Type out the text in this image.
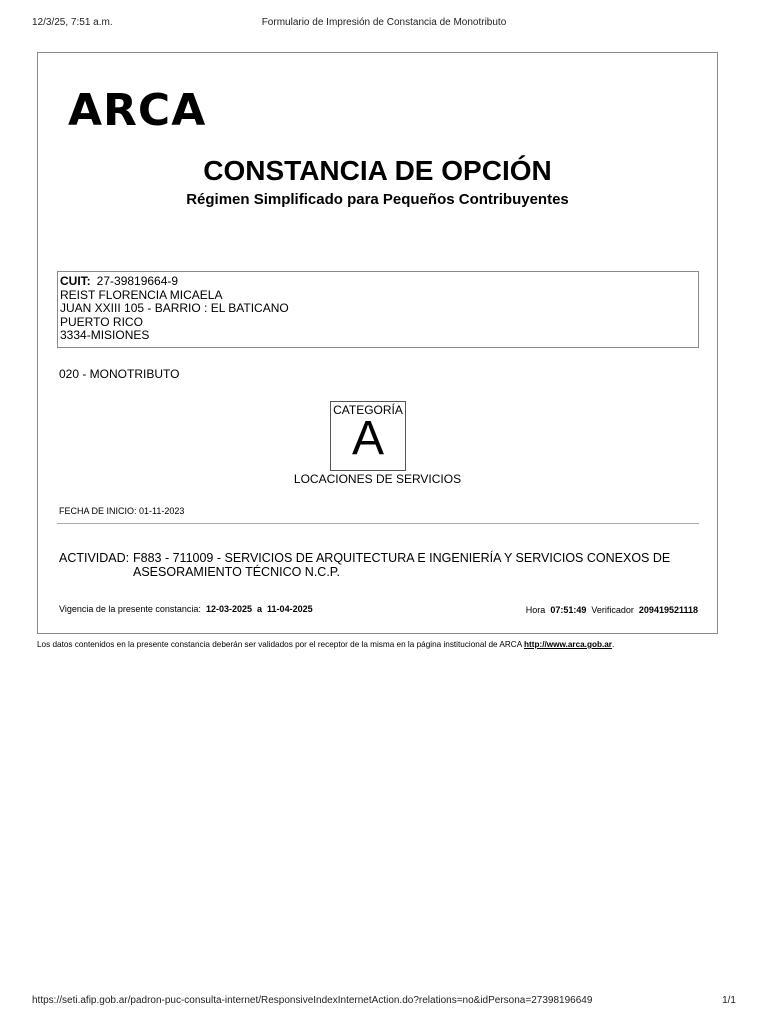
12/3/25, 7:51 a.m.	Formulario de Impresión de Constancia de Monotributo
ARCA
CONSTANCIA DE OPCIÓN
Régimen Simplificado para Pequeños Contribuyentes
CUIT: 27-39819664-9
REIST FLORENCIA MICAELA
JUAN XXIII 105 - BARRIO : EL BATICANO
PUERTO RICO
3334-MISIONES
020 - MONOTRIBUTO
CATEGORÍA
A
LOCACIONES DE SERVICIOS
FECHA DE INICIO: 01-11-2023
ACTIVIDAD: F883 - 711009 - SERVICIOS DE ARQUITECTURA E INGENIERÍA Y SERVICIOS CONEXOS DE ASESORAMIENTO TÉCNICO N.C.P.
Vigencia de la presente constancia: 12-03-2025 a 11-04-2025	Hora 07:51:49 Verificador 209419521118
Los datos contenidos en la presente constancia deberán ser validados por el receptor de la misma en la página institucional de ARCA http://www.arca.gob.ar.
https://seti.afip.gob.ar/padron-puc-consulta-internet/ResponsiveIndexInternetAction.do?relations=no&idPersona=27398196649	1/1
